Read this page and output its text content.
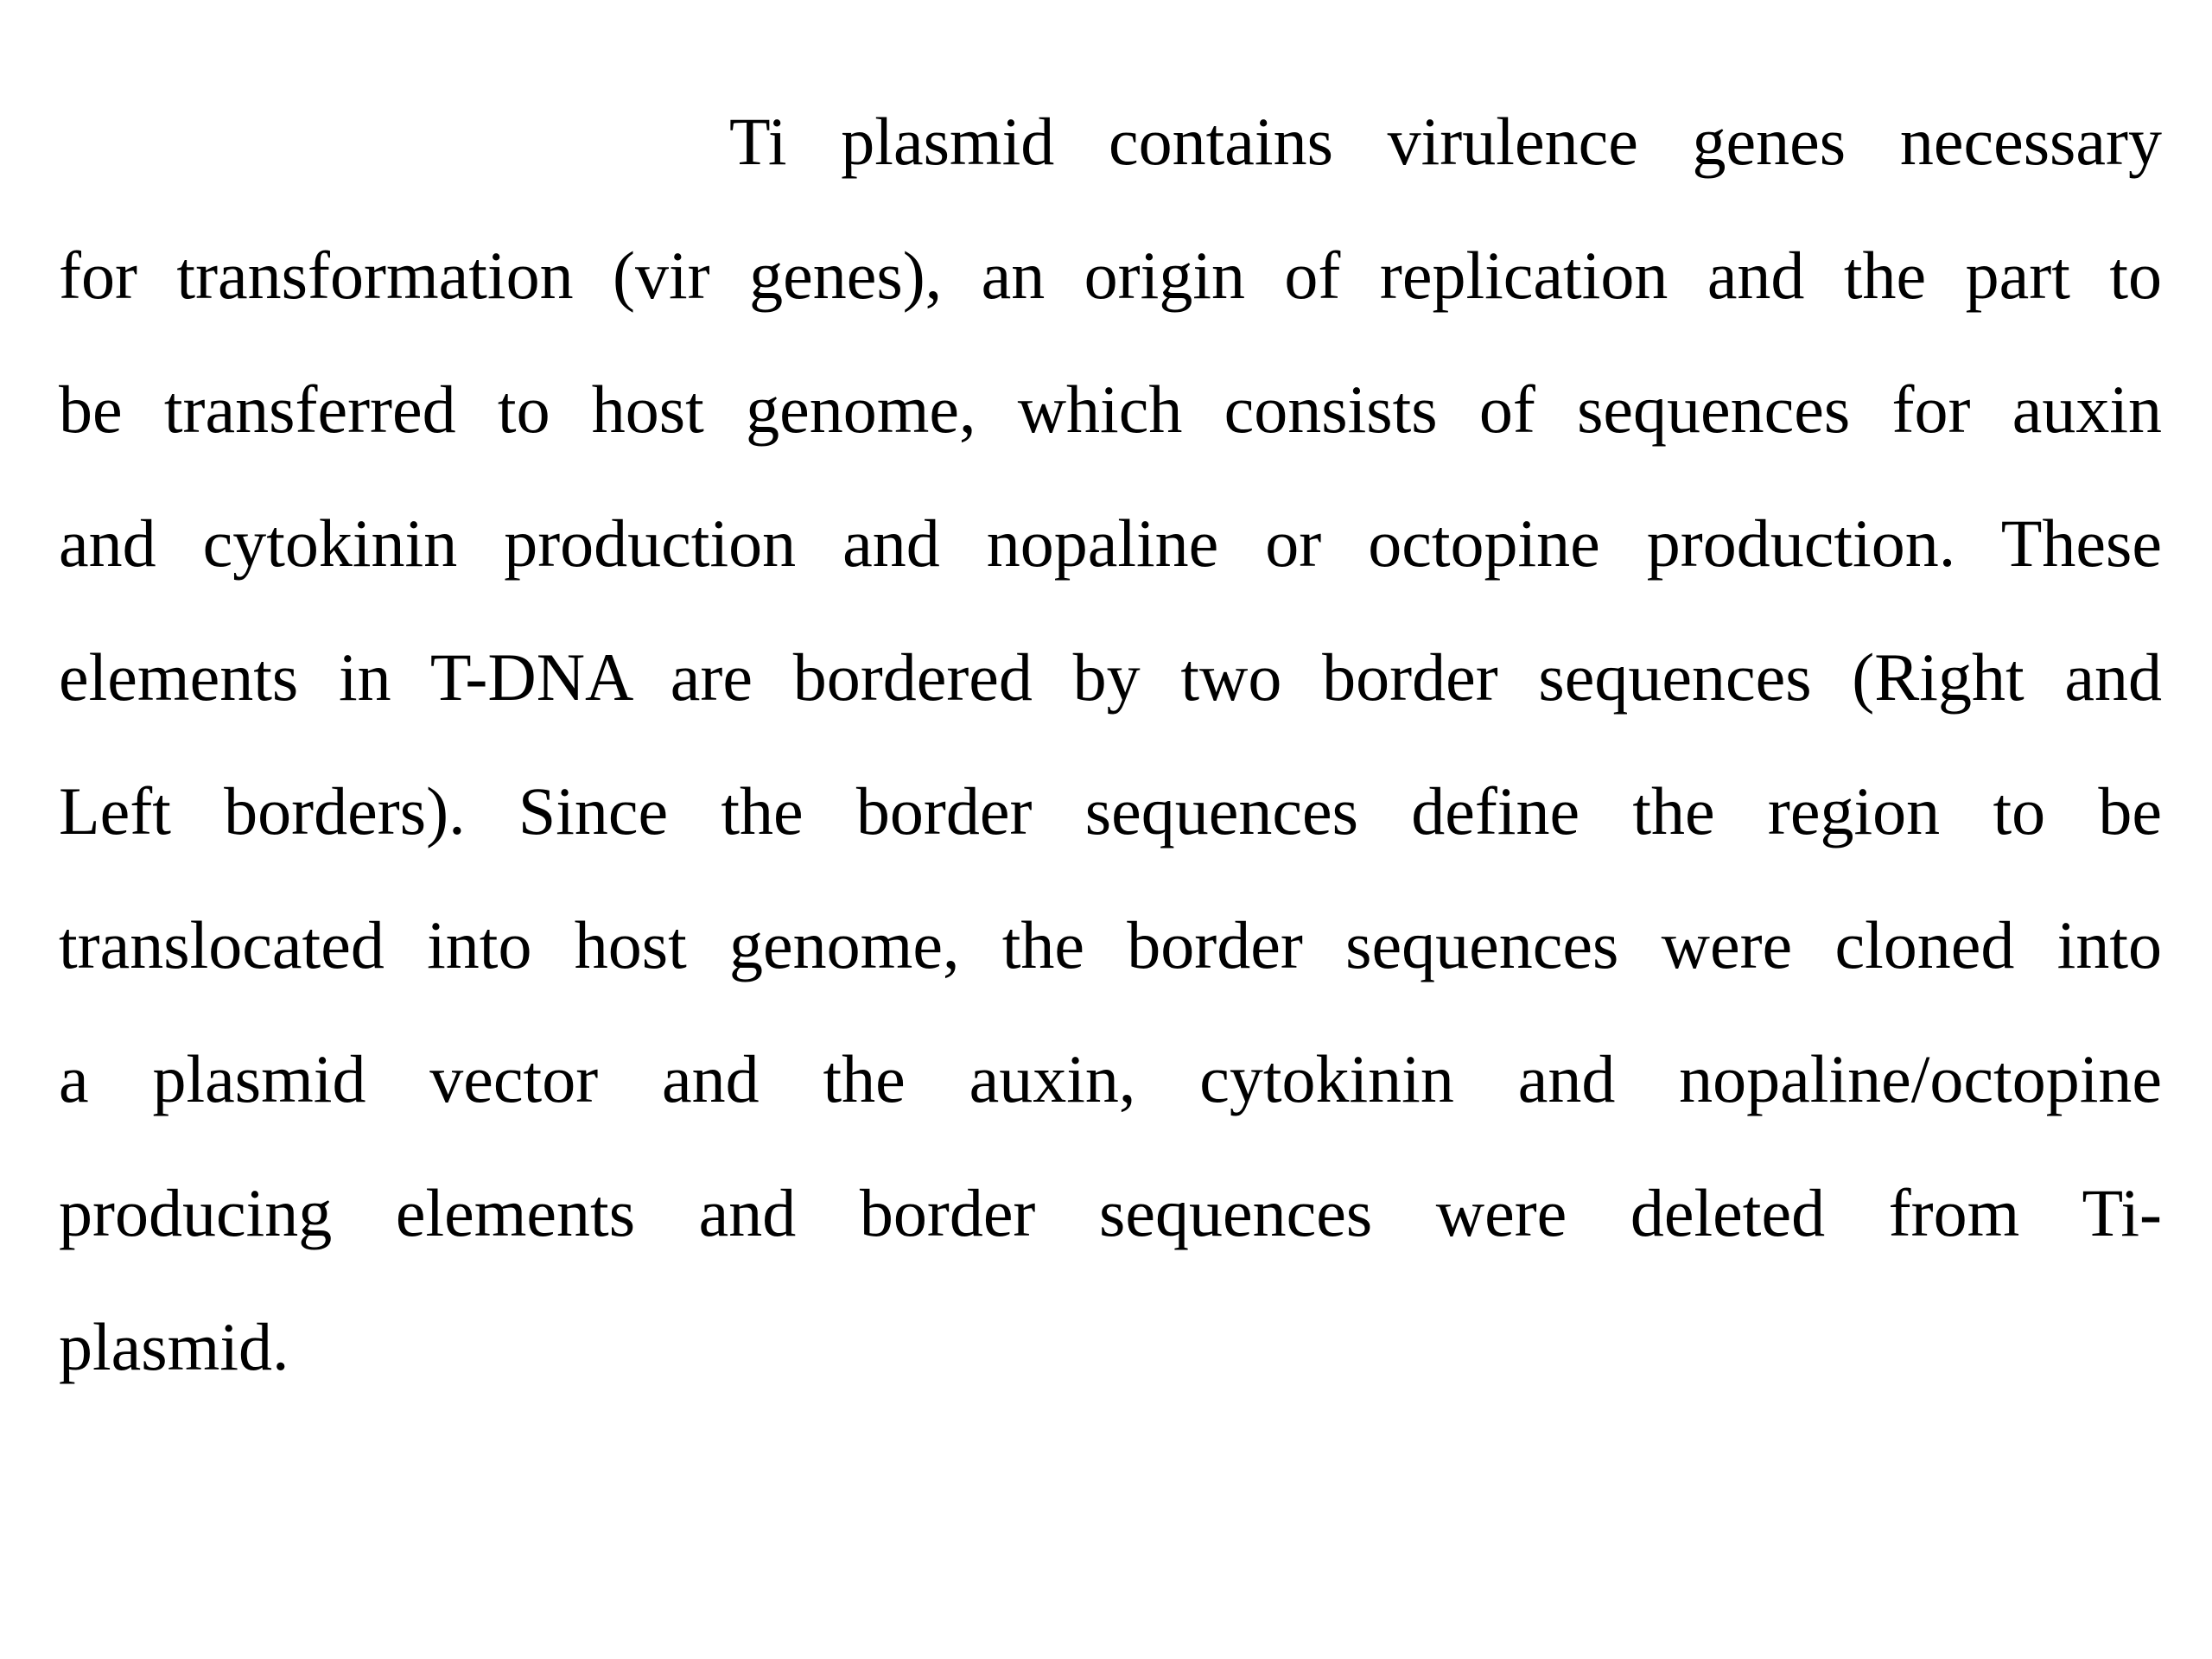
Ti plasmid contains virulence genes necessary
for transformation (vir genes), an origin of replication and the part to
be transferred to host genome, which consists of sequences for auxin
and cytokinin production and nopaline or octopine production. These
elements in T-DNA are bordered by two border sequences (Right and
Left borders). Since the border sequences define the region to be
translocated into host genome, the border sequences were cloned into
a plasmid vector and the auxin, cytokinin and nopaline/octopine
producing elements and border sequences were deleted from Ti-
plasmid.
